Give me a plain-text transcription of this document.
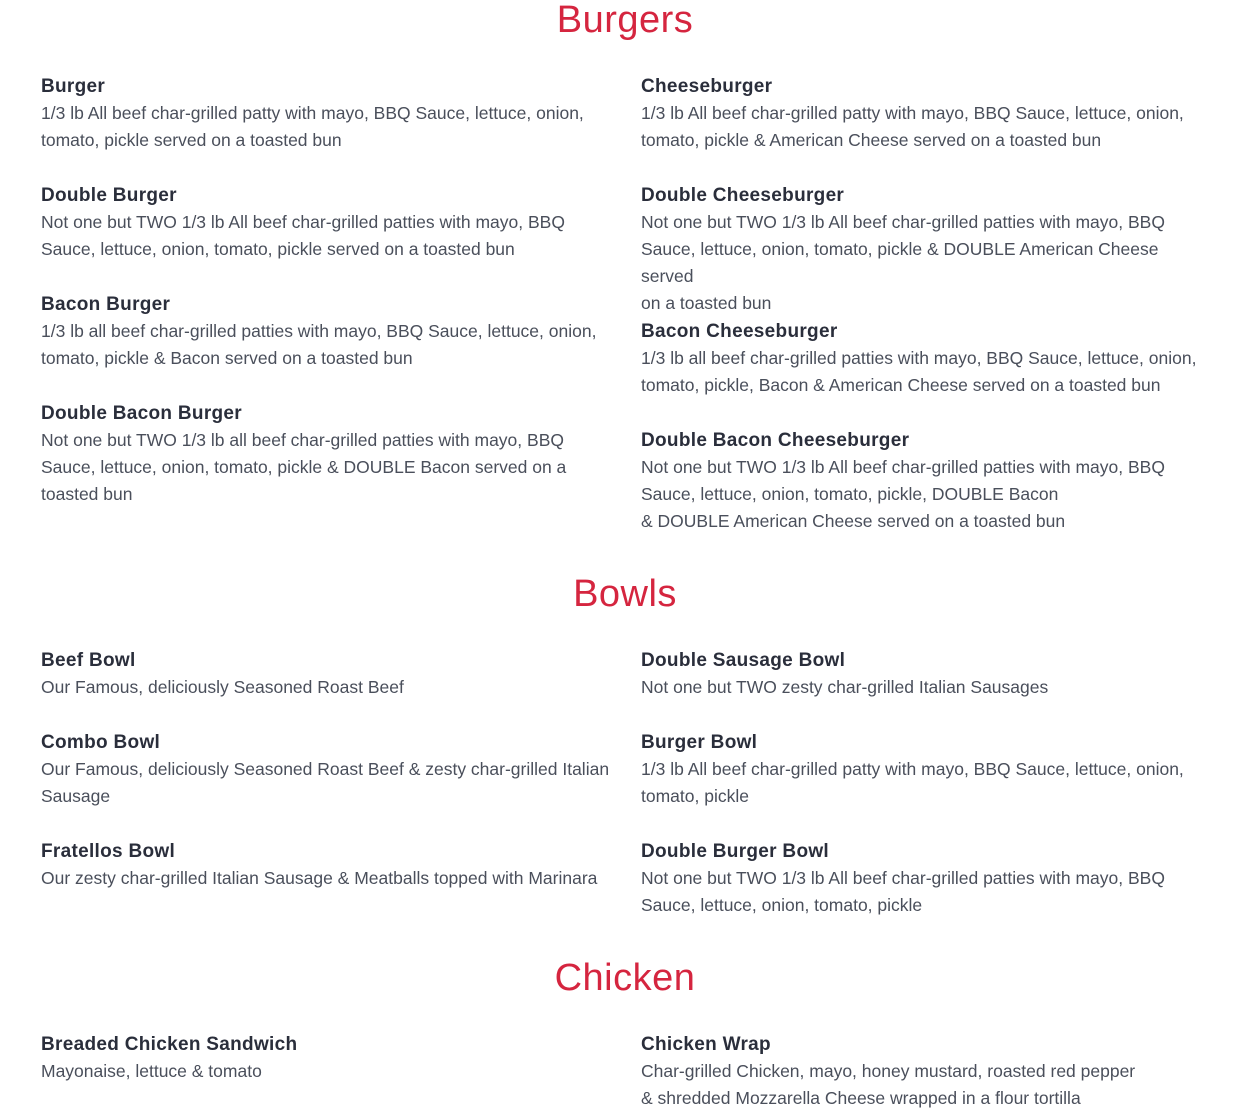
Burgers
Burger
1/3 lb All beef char-grilled patty with mayo, BBQ Sauce, lettuce, onion,
tomato, pickle served on a toasted bun
Cheeseburger
1/3 lb All beef char-grilled patty with mayo, BBQ Sauce, lettuce, onion,
tomato, pickle & American Cheese served on a toasted bun
Double Burger
Not one but TWO 1/3 lb All beef char-grilled patties with mayo, BBQ
Sauce, lettuce, onion, tomato, pickle served on a toasted bun
Double Cheeseburger
Not one but TWO 1/3 lb All beef char-grilled patties with mayo, BBQ
Sauce, lettuce, onion, tomato, pickle & DOUBLE American Cheese served
on a toasted bun
Bacon Burger
1/3 lb all beef char-grilled patties with mayo, BBQ Sauce, lettuce, onion,
tomato, pickle & Bacon served on a toasted bun
Bacon Cheeseburger
1/3 lb all beef char-grilled patties with mayo, BBQ Sauce, lettuce, onion,
tomato, pickle, Bacon & American Cheese served on a toasted bun
Double Bacon Burger
Not one but TWO 1/3 lb all beef char-grilled patties with mayo, BBQ
Sauce, lettuce, onion, tomato, pickle & DOUBLE Bacon served on a
toasted bun
Double Bacon Cheeseburger
Not one but TWO 1/3 lb All beef char-grilled patties with mayo, BBQ
Sauce, lettuce, onion, tomato, pickle, DOUBLE Bacon
& DOUBLE American Cheese served on a toasted bun
Bowls
Beef Bowl
Our Famous, deliciously Seasoned Roast Beef
Double Sausage Bowl
Not one but TWO zesty char-grilled Italian Sausages
Combo Bowl
Our Famous, deliciously Seasoned Roast Beef & zesty char-grilled Italian
Sausage
Burger Bowl
1/3 lb All beef char-grilled patty with mayo, BBQ Sauce, lettuce, onion,
tomato, pickle
Fratellos Bowl
Our zesty char-grilled Italian Sausage & Meatballs topped with Marinara
Double Burger Bowl
Not one but TWO 1/3 lb All beef char-grilled patties with mayo, BBQ
Sauce, lettuce, onion, tomato, pickle
Chicken
Breaded Chicken Sandwich
Mayonaise, lettuce & tomato
Chicken Wrap
Char-grilled Chicken, mayo, honey mustard, roasted red pepper
& shredded Mozzarella Cheese wrapped in a flour tortilla
